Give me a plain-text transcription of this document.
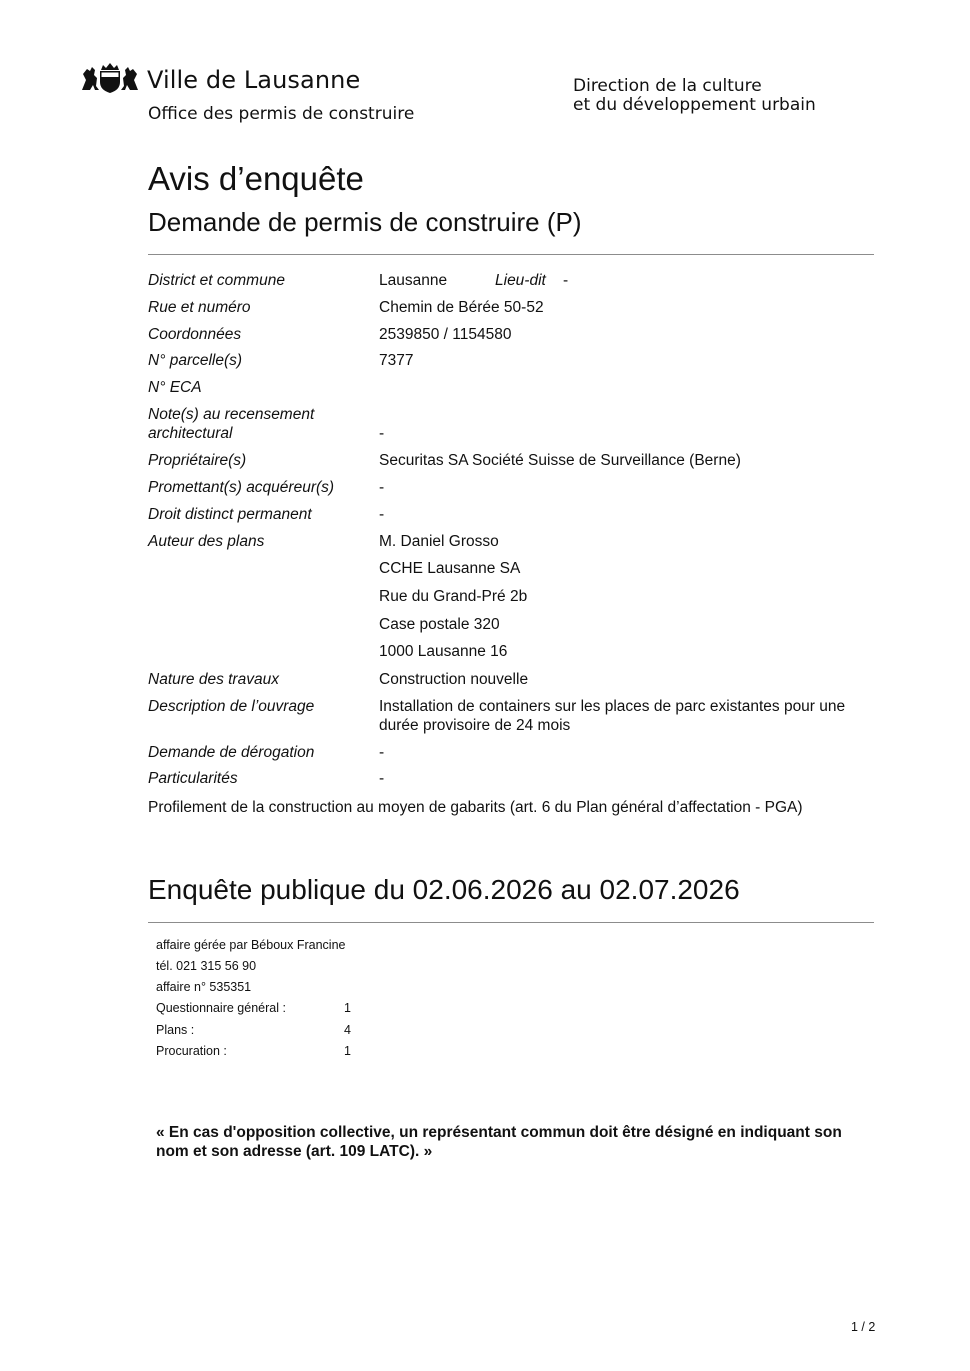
Ville de Lausanne
Office des permis de construire
Direction de la culture
et du développement urbain
Avis d’enquête
Demande de permis de construire (P)
District et commune	Lausanne	Lieu-dit -
Rue et numéro	Chemin de Bérée 50-52
Coordonnées	2539850 / 1154580
N° parcelle(s)	7377
N° ECA
Note(s) au recensement
architectural	-
Propriétaire(s)	Securitas SA Société Suisse de Surveillance (Berne)
Promettant(s) acquéreur(s)	-
Droit distinct permanent	-
Auteur des plans	M. Daniel Grosso
CCHE Lausanne SA
Rue du Grand-Pré 2b
Case postale 320
1000 Lausanne 16
Nature des travaux	Construction nouvelle
Description de l’ouvrage	Installation de containers sur les places de parc existantes pour une durée provisoire de 24 mois
Demande de dérogation	-
Particularités	-
Profilement de la construction au moyen de gabarits (art. 6 du Plan général d’affectation - PGA)
Enquête publique du 02.06.2026 au 02.07.2026
affaire gérée par Béboux Francine
tél. 021 315 56 90
affaire n° 535351
Questionnaire général :	1
Plans :	4
Procuration :	1
« En cas d'opposition collective, un représentant commun doit être désigné en indiquant son nom et son adresse (art. 109 LATC). »
1 / 2
